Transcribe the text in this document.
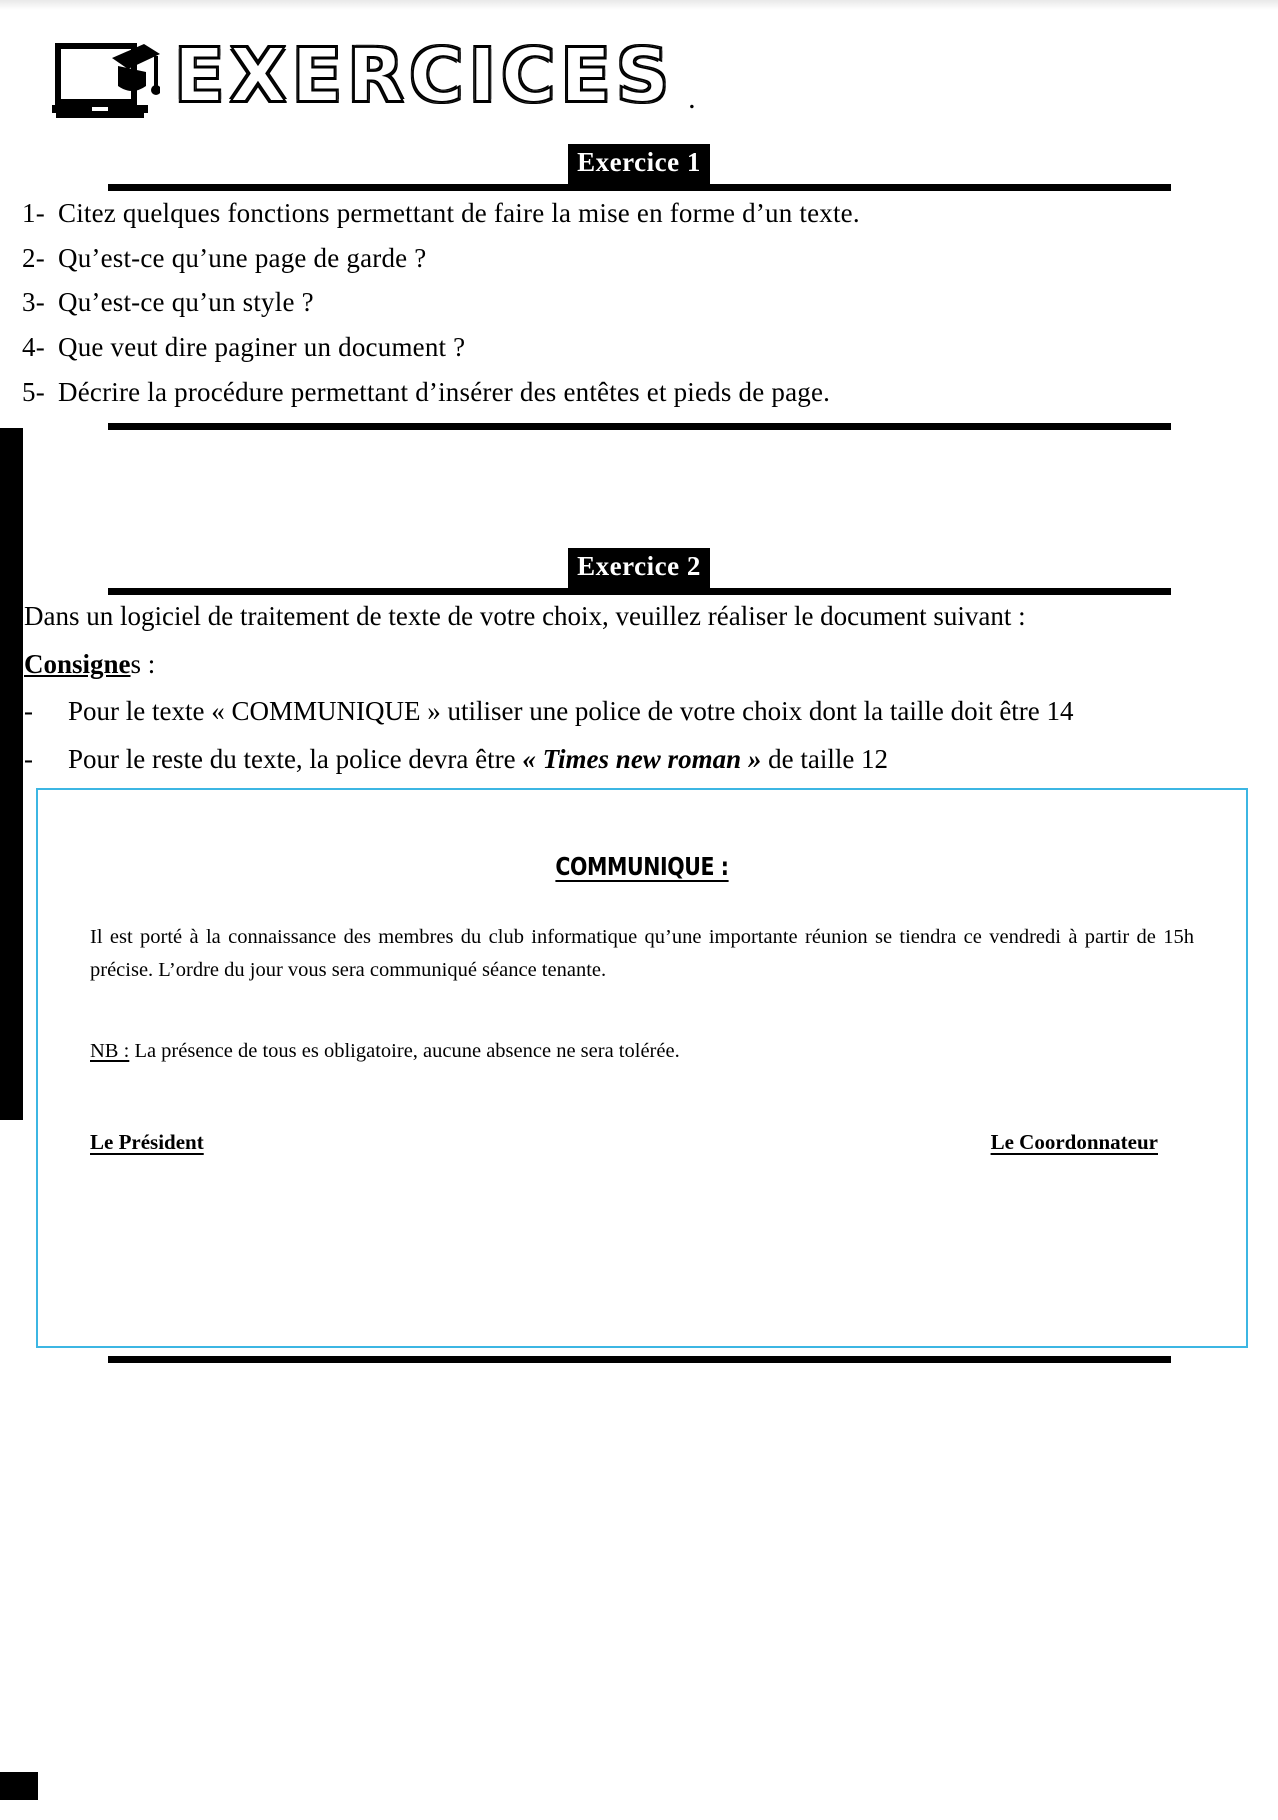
EXERCICES .
Exercice 1
1- Citez quelques fonctions permettant de faire la mise en forme d’un texte.
2- Qu’est-ce qu’une page de garde ?
3- Qu’est-ce qu’un style ?
4- Que veut dire paginer un document ?
5- Décrire la procédure permettant d’insérer des entêtes et pieds de page.
Exercice 2

Dans un logiciel de traitement de texte de votre choix, veuillez réaliser le document suivant :

Consignes :

- Pour le texte « COMMUNIQUE » utiliser une police de votre choix dont la taille doit être 14

- Pour le reste du texte, la police devra être « Times new roman » de taille 12

COMMUNIQUE :

Il est porté à la connaissance des membres du club informatique qu’une importante réunion se tiendra ce vendredi à partir de 15h précise. L’ordre du jour vous sera communiqué séance tenante.

NB : La présence de tous es obligatoire, aucune absence ne sera tolérée.

Le Président	Le Coordonnateur
